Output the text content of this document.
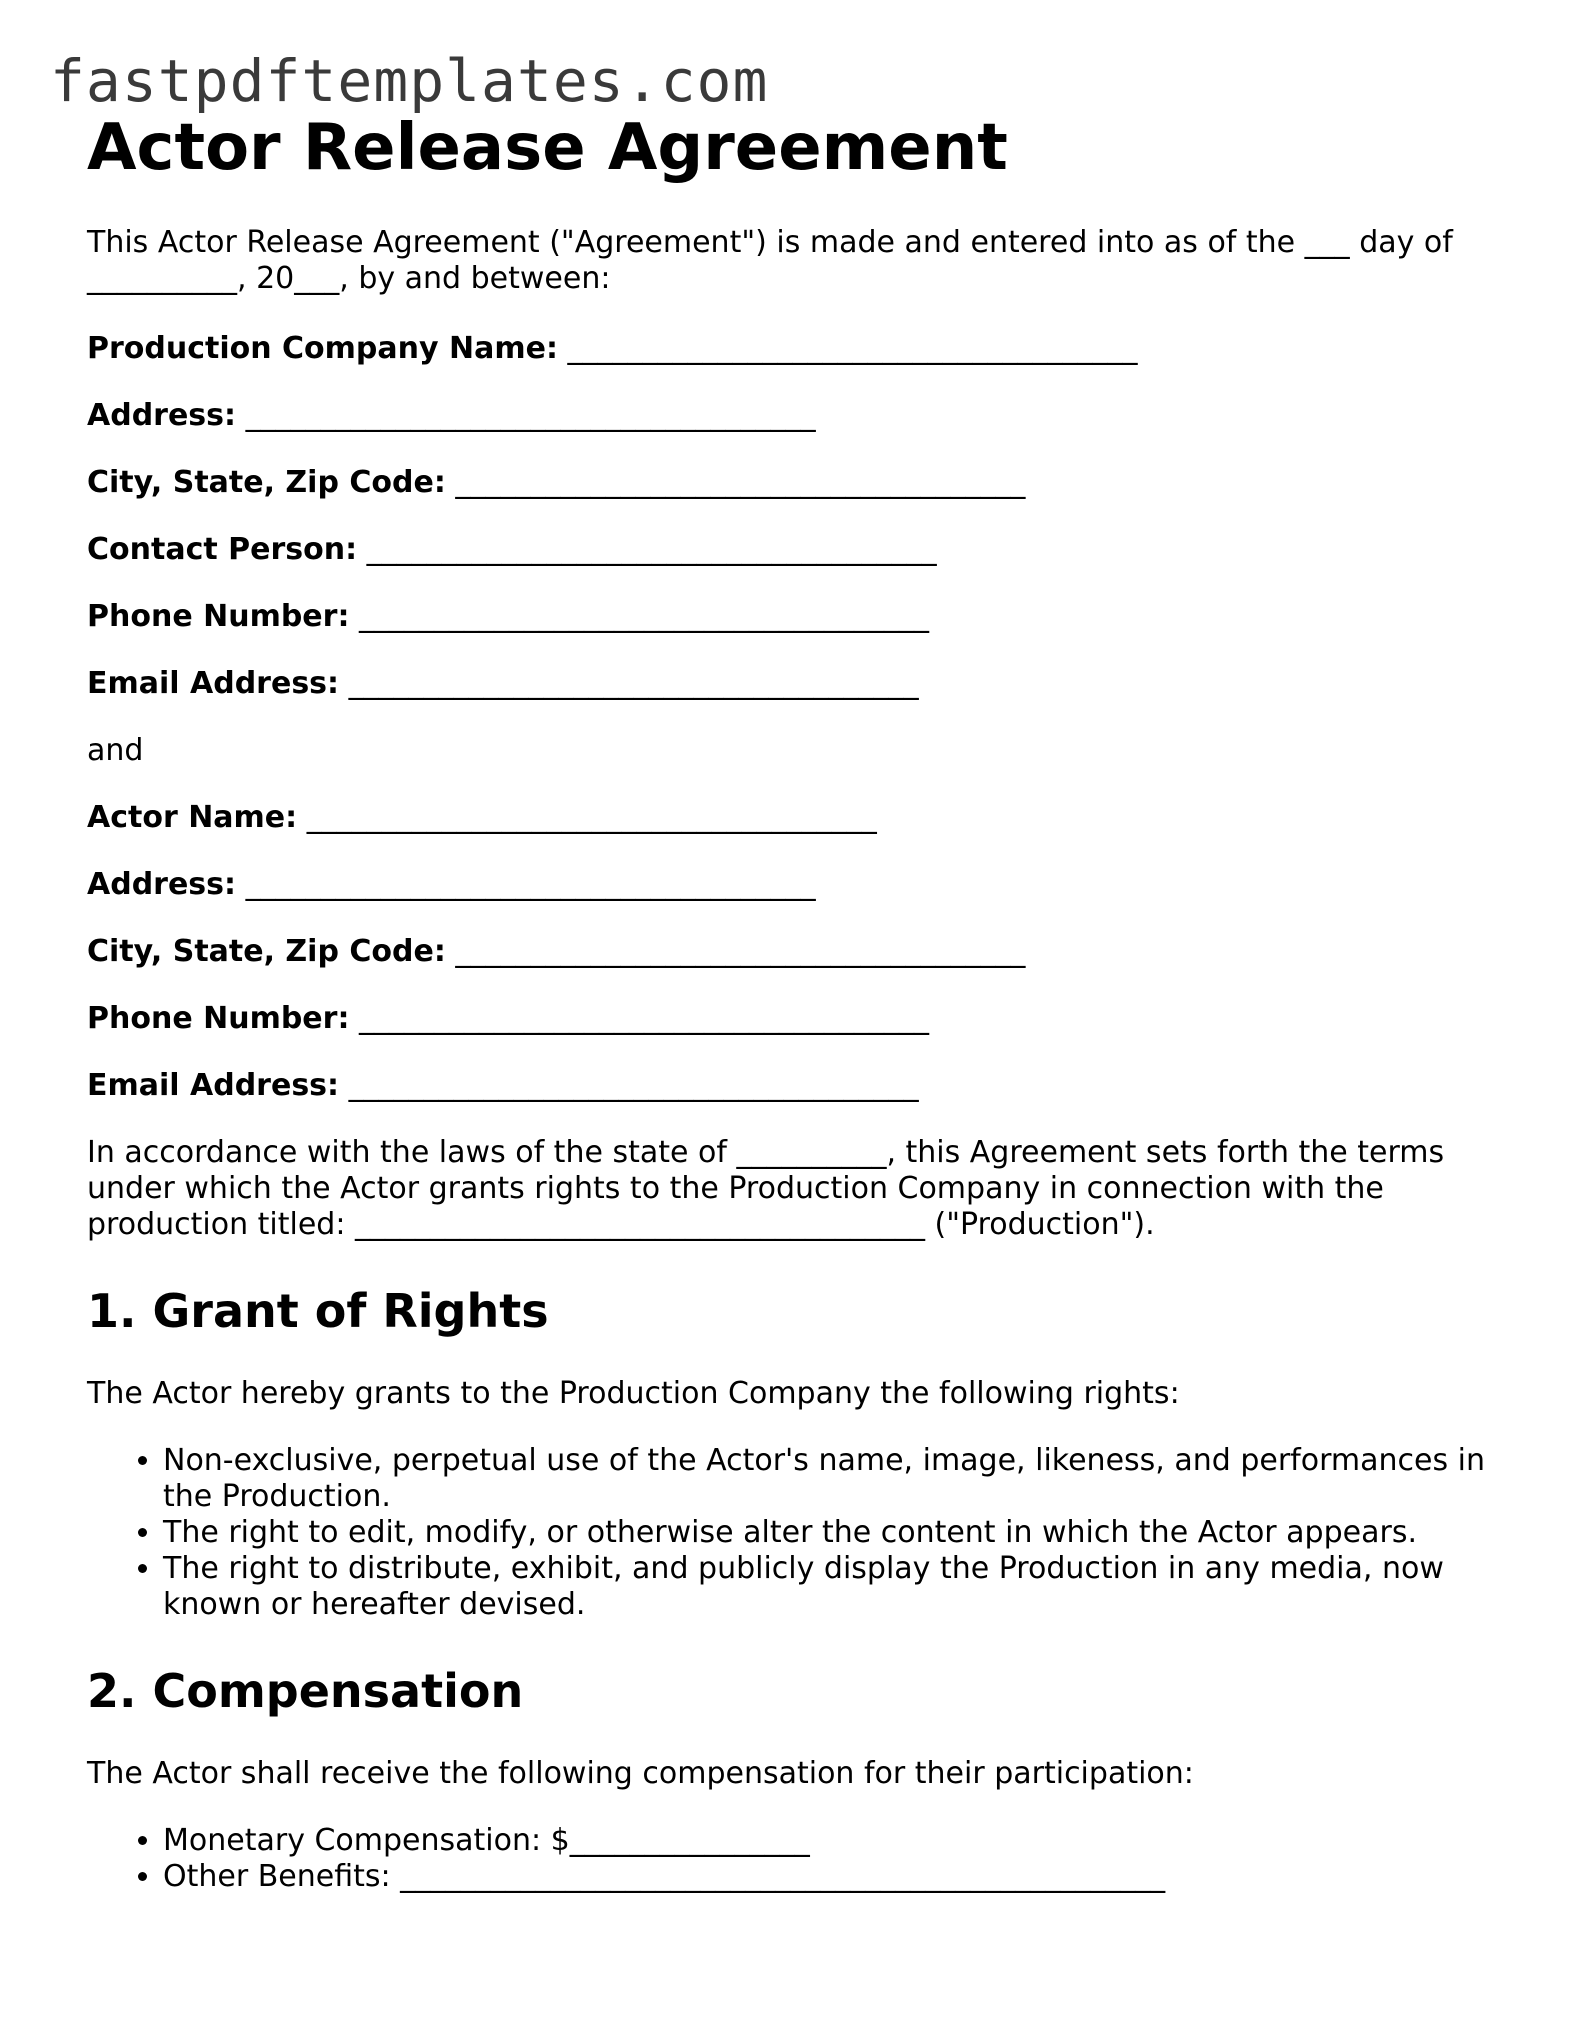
fastpdftemplates.com
Actor Release Agreement

This Actor Release Agreement ("Agreement") is made and entered into as of the ___ day of __________, 20___, by and between:

Production Company Name: ______________________________________

Address: ______________________________________

City, State, Zip Code: ______________________________________

Contact Person: ______________________________________

Phone Number: ______________________________________

Email Address: ______________________________________

and

Actor Name: ______________________________________

Address: ______________________________________

City, State, Zip Code: ______________________________________

Phone Number: ______________________________________

Email Address: ______________________________________

In accordance with the laws of the state of __________, this Agreement sets forth the terms under which the Actor grants rights to the Production Company in connection with the production titled: ______________________________________ ("Production").

1. Grant of Rights

The Actor hereby grants to the Production Company the following rights:

• Non-exclusive, perpetual use of the Actor's name, image, likeness, and performances in the Production.
• The right to edit, modify, or otherwise alter the content in which the Actor appears.
• The right to distribute, exhibit, and publicly display the Production in any media, now known or hereafter devised.
2. Compensation

The Actor shall receive the following compensation for their participation:

• Monetary Compensation: $________________
• Other Benefits: ___________________________________________________
